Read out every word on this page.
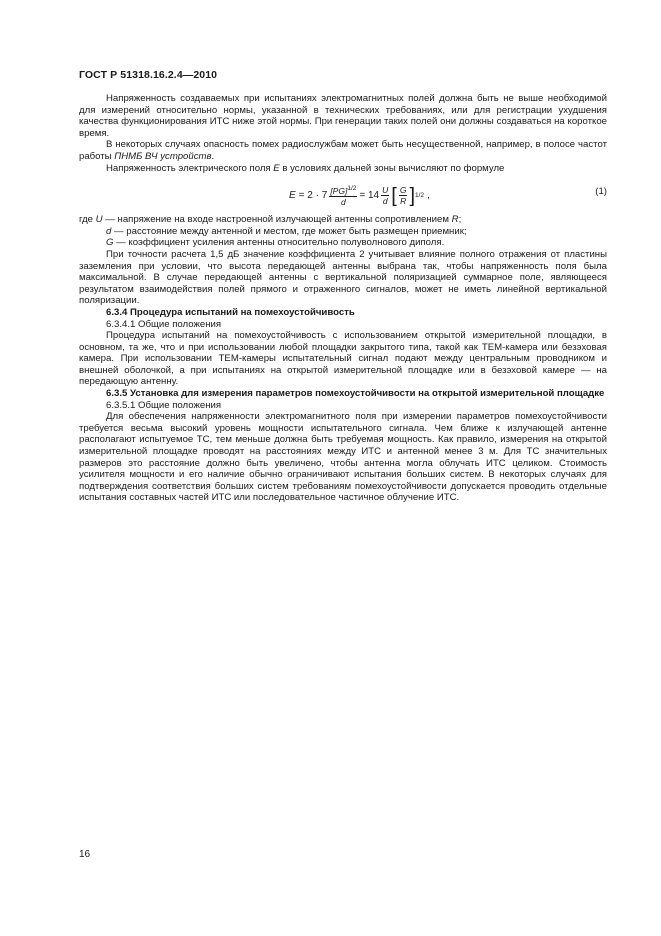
ГОСТ Р 51318.16.2.4—2010

Напряженность создаваемых при испытаниях электромагнитных полей должна быть не выше необходимой для измерений относительно нормы, указанной в технических требованиях, или для регистрации ухудшения качества функционирования ИТС ниже этой нормы. При генерации таких полей они должны создаваться на короткое время.

В некоторых случаях опасность помех радиослужбам может быть несущественной, например, в полосе частот работы ПНМБ ВЧ устройств.

Напряженность электрического поля E в условиях дальней зоны вычисляют по формуле

$E = 2 \cdot 7 \frac{[PG]^{1/2}}{d} = 14 \frac{U}{d}$ [ $\frac{G}{R}$ ] 1/2 ,	(1)

где U — напряжение на входе настроенной излучающей антенны сопротивлением R;

d — расстояние между антенной и местом, где может быть размещен приемник;

G — коэффициент усиления антенны относительно полуволнового диполя.

При точности расчета 1,5 дБ значение коэффициента 2 учитывает влияние полного отражения от пластины заземления при условии, что высота передающей антенны выбрана так, чтобы напряженность поля была максимальной. В случае передающей антенны с вертикальной поляризацией суммарное поле, являющееся результатом взаимодействия полей прямого и отраженного сигналов, может не иметь линейной вертикальной поляризации.

6.3.4 Процедура испытаний на помехоустойчивость

6.3.4.1 Общие положения

Процедура испытаний на помехоустойчивость с использованием открытой измерительной площадки, в основном, та же, что и при использовании любой площадки закрытого типа, такой как ТЕМ-камера или безэховая камера. При использовании ТЕМ-камеры испытательный сигнал подают между центральным проводником и внешней оболочкой, а при испытаниях на открытой измерительной площадке или в безэховой камере — на передающую антенну.

6.3.5 Установка для измерения параметров помехоустойчивости на открытой измерительной площадке

6.3.5.1 Общие положения

Для обеспечения напряженности электромагнитного поля при измерении параметров помехоустойчивости требуется весьма высокий уровень мощности испытательного сигнала. Чем ближе к излучающей антенне располагают испытуемое ТС, тем меньше должна быть требуемая мощность. Как правило, измерения на открытой измерительной площадке проводят на расстояниях между ИТС и антенной менее 3 м. Для ТС значительных размеров это расстояние должно быть увеличено, чтобы антенна могла облучать ИТС целиком. Стоимость усилителя мощности и его наличие обычно ограничивают испытания больших систем. В некоторых случаях для подтверждения соответствия больших систем требованиям помехоустойчивости допускается проводить отдельные испытания составных частей ИТС или последовательное частичное облучение ИТС.

16
